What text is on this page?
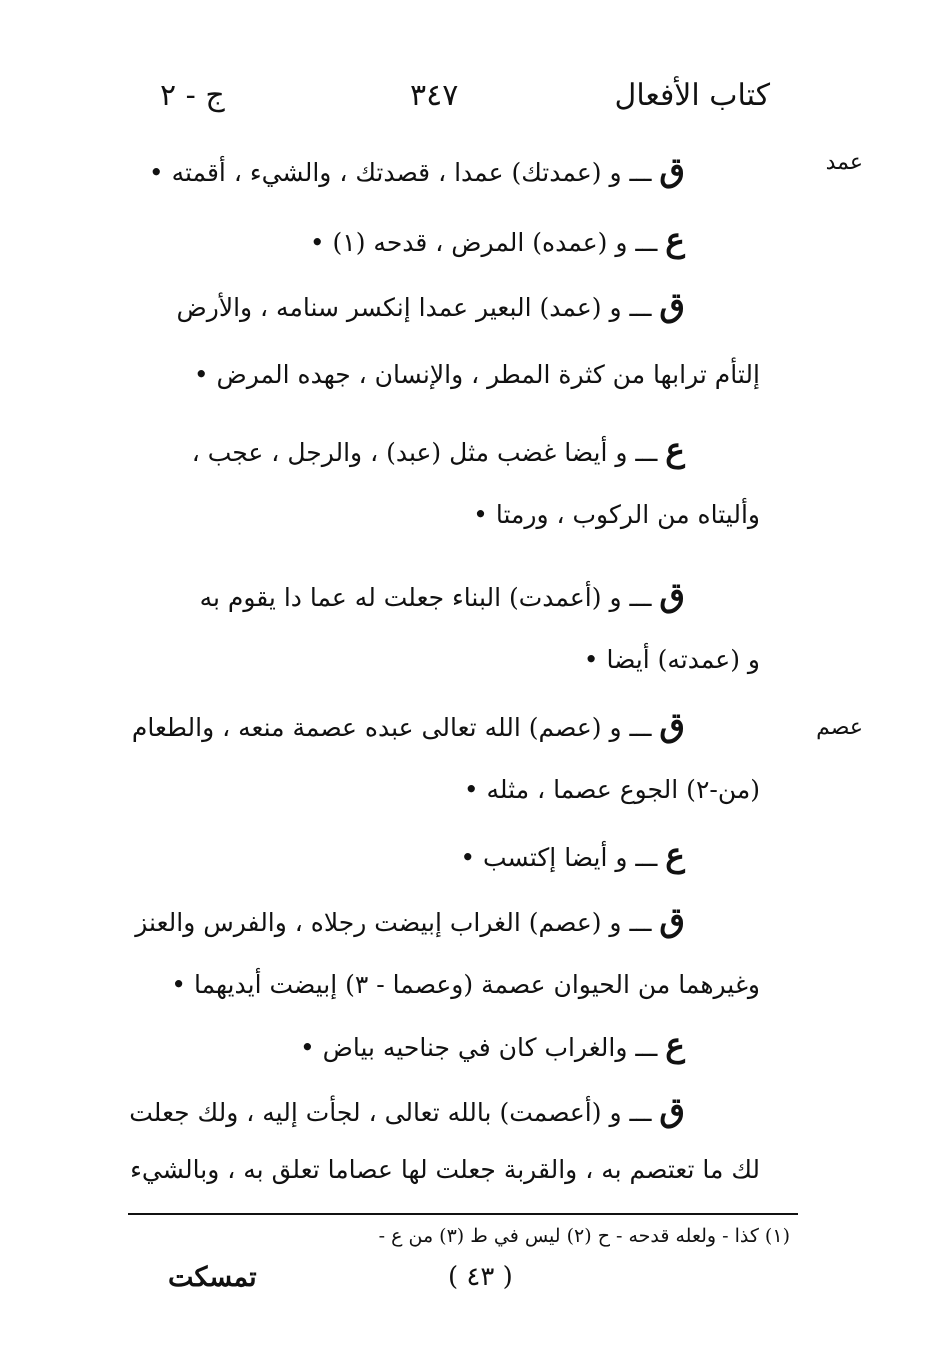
ج - ٢	٣٤٧	كتاب الأفعال
عمد
عصم
ق ـــ و (عمدتك) عمدا ، قصدتك ، والشيء ، أقمته •
ع ـــ و (عمده) المرض ، قدحه (١) •
ق ـــ و (عمد) البعير عمدا إنكسر سنامه ، والأرض
إلتأم ترابها من كثرة المطر ، والإنسان ، جهده المرض •
ع ـــ و أيضا غضب مثل (عبد) ، والرجل ، عجب ،
وأليتاه من الركوب ، ورمتا •
ق ـــ و (أعمدت) البناء جعلت له عما دا يقوم به
و (عمدته) أيضا •
ق ـــ و (عصم) الله تعالى عبده عصمة منعه ، والطعام
(من-٢) الجوع عصما ، مثله •
ع ـــ و أيضا إكتسب •
ق ـــ و (عصم) الغراب إبيضت رجلاه ، والفرس والعنز
وغيرهما من الحيوان عصمة (وعصما - ٣) إبيضت أيديهما •
ع ـــ والغراب كان في جناحيه بياض •
ق ـــ و (أعصمت) بالله تعالى ، لجأت إليه ، ولك جعلت
لك ما تعتصم به ، والقربة جعلت لها عصاما تعلق به ، وبالشيء
(١) كذا - ولعله قدحه - ح (٢) ليس في ط (٣) من ع -
( ٤٣ )
تمسكت
